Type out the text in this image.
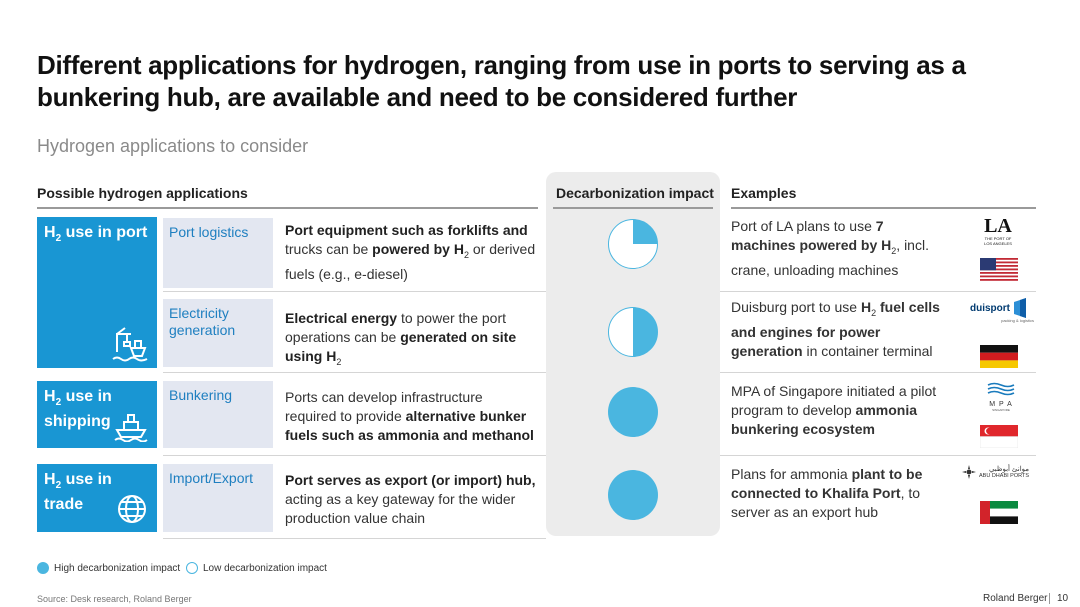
Different applications for hydrogen, ranging from use in ports to serving as a bunkering hub, are available and need to be considered further
Hydrogen applications to consider
Possible hydrogen applications	Decarbonization impact Examples
$H_2$ use in port
$H_2$ use in shipping
$H_2$ use in trade
Port logistics
Electricity generation
Bunkering
Import/Export
Port equipment such as forklifts and trucks can be powered by $H_2$ or derived fuels (e.g., e-diesel)
Electrical energy to power the port operations can be generated on site using $H_2$
Ports can develop infrastructure required to provide alternative bunker fuels such as ammonia and methanol
Port serves as export (or import) hub, acting as a key gateway for the wider production value chain
Port of LA plans to use 7 machines powered by $H_2$, incl. crane, unloading machines
Duisburg port to use $H_2$ fuel cells and engines for power generation in container terminal
MPA of Singapore initiated a pilot program to develop ammonia bunkering ecosystem
Plans for ammonia plant to be connected to Khalifa Port, to server as an export hub
LA
THE PORT OF LOS ANGELES
duisport
packing & logistics
M P A
SINGAPORE
موانئ أبوظبي
ABU DHABI PORTS
High decarbonization impact Low decarbonization impact
Source: Desk research, Roland Berger	Roland Berger 10
